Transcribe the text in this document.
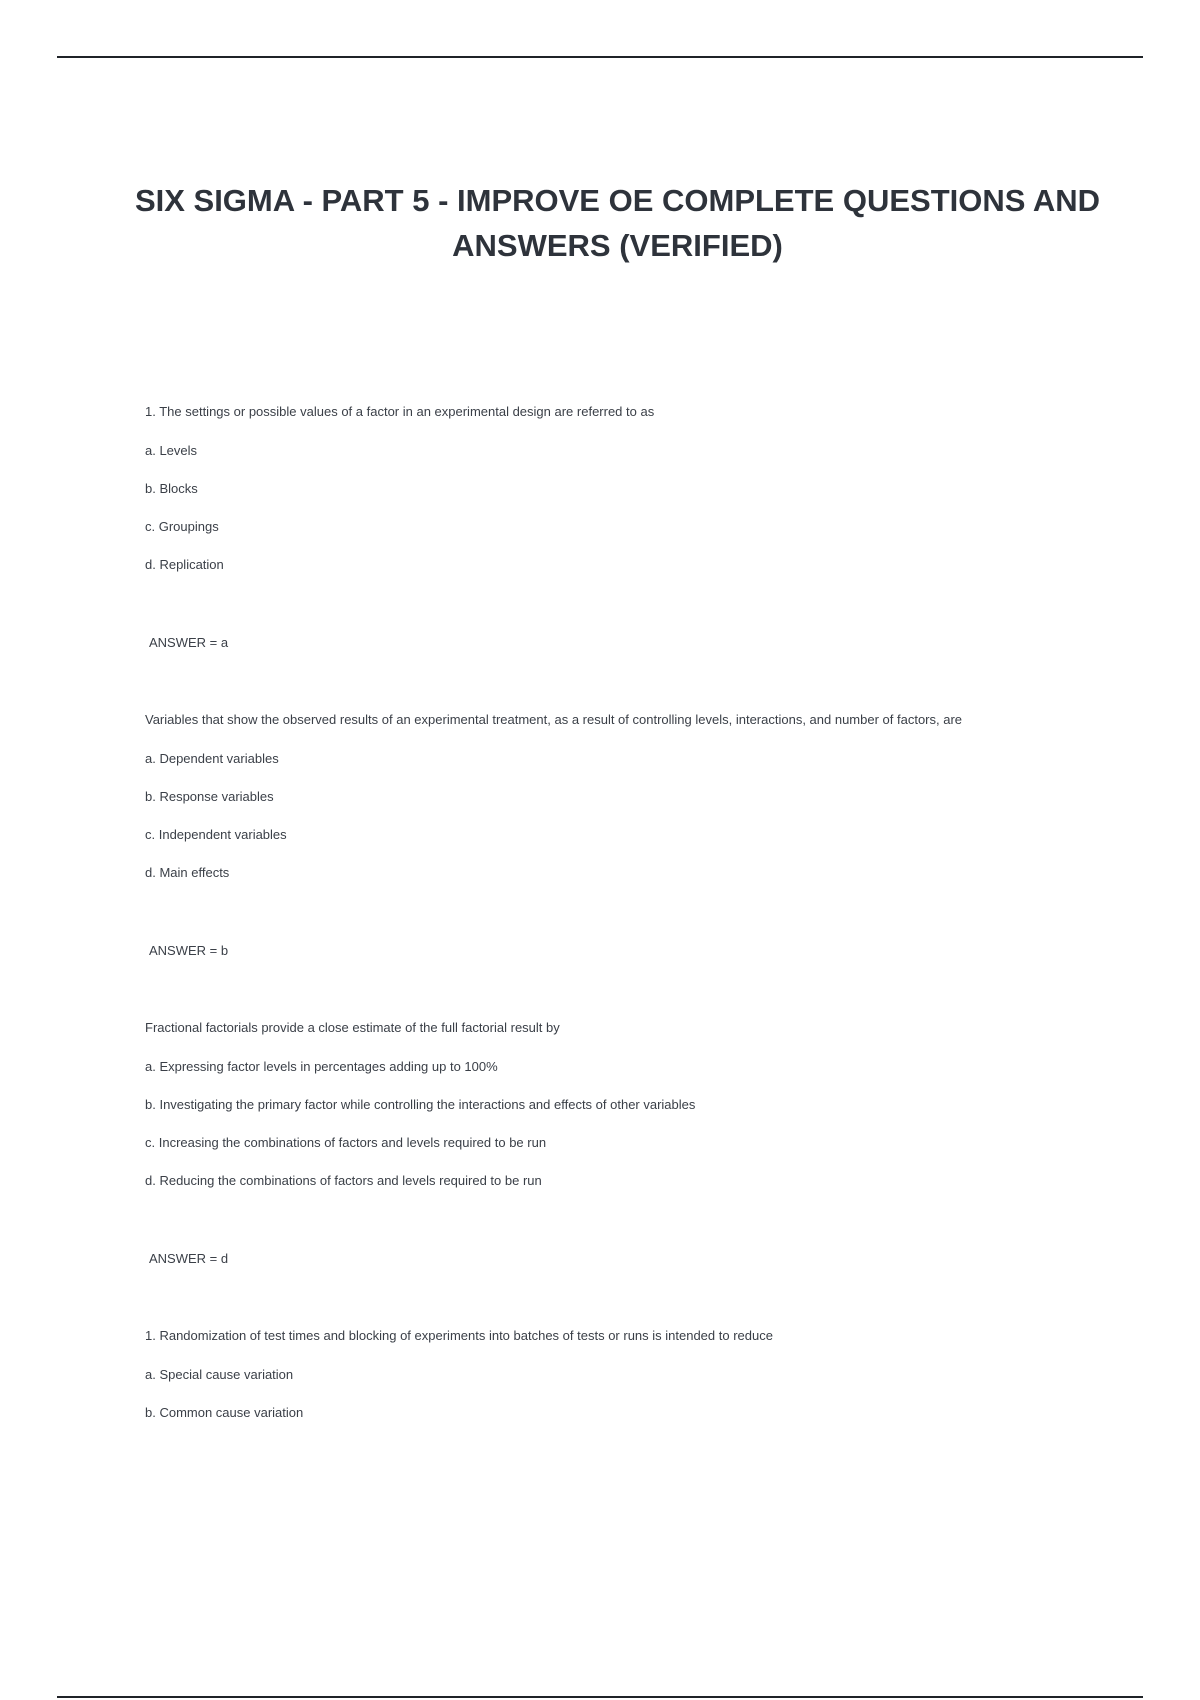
SIX SIGMA - PART 5 - IMPROVE OE COMPLETE QUESTIONS AND ANSWERS (VERIFIED)

1. The settings or possible values of a factor in an experimental design are referred to as

a. Levels

b. Blocks

c. Groupings

d. Replication

ANSWER = a

Variables that show the observed results of an experimental treatment, as a result of controlling levels, interactions, and number of factors, are

a. Dependent variables

b. Response variables

c. Independent variables

d. Main effects

ANSWER = b

Fractional factorials provide a close estimate of the full factorial result by

a. Expressing factor levels in percentages adding up to 100%

b. Investigating the primary factor while controlling the interactions and effects of other variables

c. Increasing the combinations of factors and levels required to be run

d. Reducing the combinations of factors and levels required to be run

ANSWER = d

1. Randomization of test times and blocking of experiments into batches of tests or runs is intended to reduce

a. Special cause variation

b. Common cause variation
